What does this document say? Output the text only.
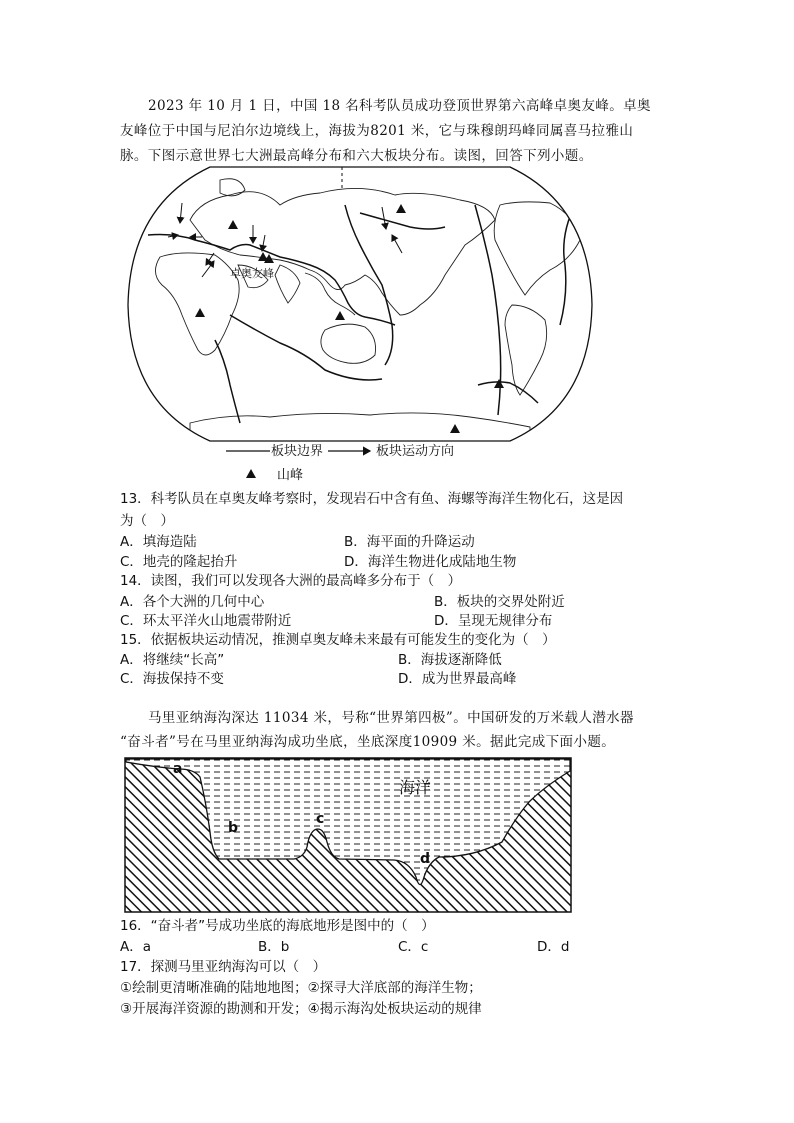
2023 年 10 月 1 日，中国 18 名科考队员成功登顶世界第六高峰卓奥友峰。卓奥
友峰位于中国与尼泊尔边境线上，海拔为8201 米，它与珠穆朗玛峰同属喜马拉雅山
脉。下图示意世界七大洲最高峰分布和六大板块分布。读图，回答下列小题。
卓奥友峰
板块边界	板块运动方向
山峰
13．科考队员在卓奥友峰考察时，发现岩石中含有鱼、海螺等海洋生物化石，这是因
为（　）
A．填海造陆	B．海平面的升降运动
C．地壳的隆起抬升	D．海洋生物进化成陆地生物
14．读图，我们可以发现各大洲的最高峰多分布于（　）
A．各个大洲的几何中心	B．板块的交界处附近
C．环太平洋火山地震带附近	D．呈现无规律分布
15．依据板块运动情况，推测卓奥友峰未来最有可能发生的变化为（　）
A．将继续“长高”	B．海拔逐渐降低
C．海拔保持不变	D．成为世界最高峰
马里亚纳海沟深达 11034 米，号称“世界第四极”。中国研发的万米载人潜水器
“奋斗者”号在马里亚纳海沟成功坐底，坐底深度10909 米。据此完成下面小题。
海洋
a
b
c
d
16．“奋斗者”号成功坐底的海底地形是图中的（　）
A．a	B．b	C．c	D．d
17．探测马里亚纳海沟可以（　）
①绘制更清晰准确的陆地地图；②探寻大洋底部的海洋生物；
③开展海洋资源的勘测和开发；④揭示海沟处板块运动的规律
